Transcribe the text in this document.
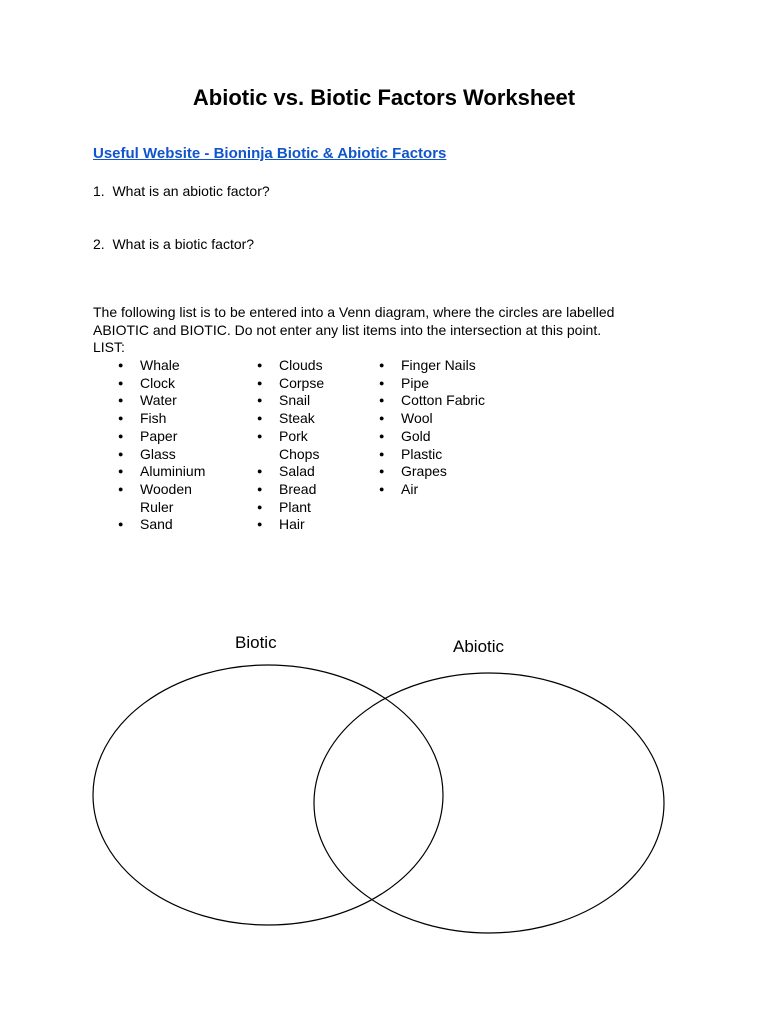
Abiotic vs. Biotic Factors Worksheet
Useful Website - Bioninja Biotic & Abiotic Factors
1.  What is an abiotic factor?
2.  What is a biotic factor?
The following list is to be entered into a Venn diagram, where the circles are labelled
ABIOTIC and BIOTIC. Do not enter any list items into the intersection at this point.
LIST:
● Whale
● Clock
● Water
● Fish
● Paper
● Glass
● Aluminium
● Wooden Ruler
● Sand
● Clouds
● Corpse
● Snail
● Steak
● Pork Chops
● Salad
● Bread
● Plant
● Hair
● Finger Nails
● Pipe
● Cotton Fabric
● Wool
● Gold
● Plastic
● Grapes
● Air
Biotic	Abiotic
